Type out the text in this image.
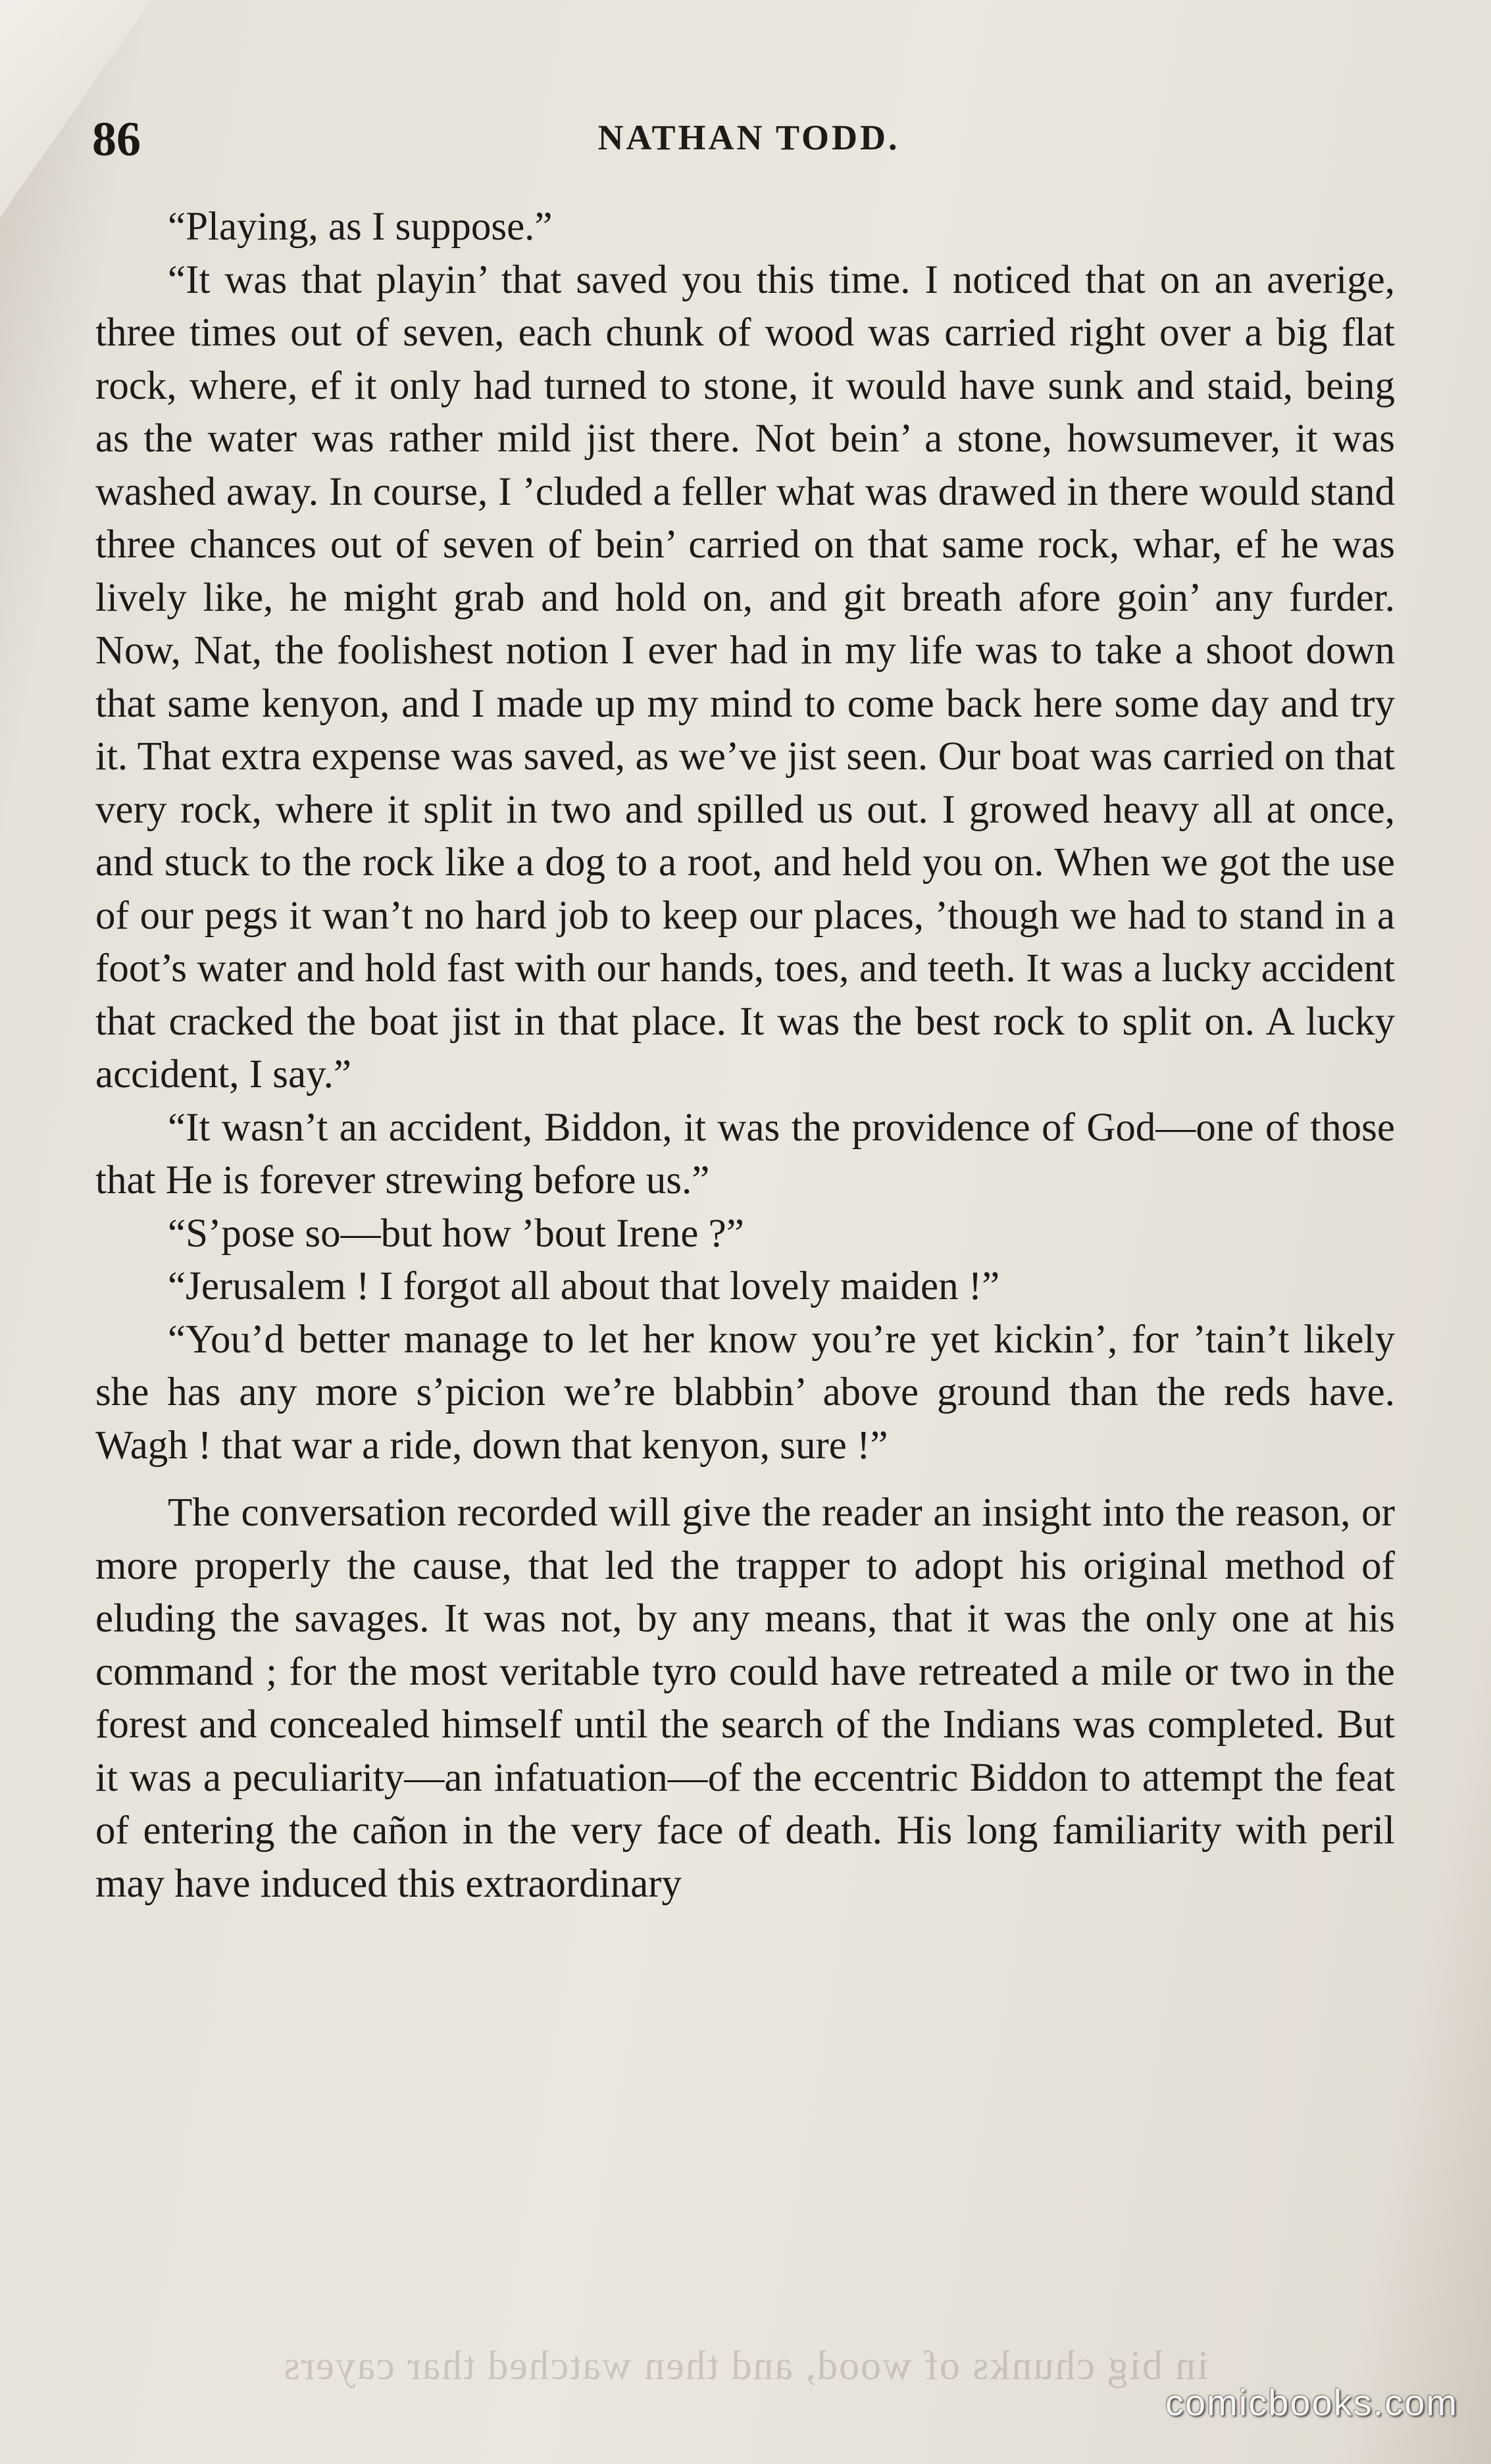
86	NATHAN TODD.

“Playing, as I suppose.”

“It was that playin’ that saved you this time. I noticed that on an averige, three times out of seven, each chunk of wood was carried right over a big flat rock, where, ef it only had turned to stone, it would have sunk and staid, being as the water was rather mild jist there. Not bein’ a stone, howsumever, it was washed away. In course, I ’cluded a feller what was drawed in there would stand three chances out of seven of bein’ carried on that same rock, whar, ef he was lively like, he might grab and hold on, and git breath afore goin’ any furder. Now, Nat, the foolishest notion I ever had in my life was to take a shoot down that same kenyon, and I made up my mind to come back here some day and try it. That extra expense was saved, as we’ve jist seen. Our boat was carried on that very rock, where it split in two and spilled us out. I growed heavy all at once, and stuck to the rock like a dog to a root, and held you on. When we got the use of our pegs it wan’t no hard job to keep our places, ’though we had to stand in a foot’s water and hold fast with our hands, toes, and teeth. It was a lucky accident that cracked the boat jist in that place. It was the best rock to split on. A lucky accident, I say.”

“It wasn’t an accident, Biddon, it was the providence of God—one of those that He is forever strewing before us.”

“S’pose so—but how ’bout Irene ?”

“Jerusalem ! I forgot all about that lovely maiden !”

“You’d better manage to let her know you’re yet kickin’, for ’tain’t likely she has any more s’picion we’re blabbin’ above ground than the reds have. Wagh ! that war a ride, down that kenyon, sure !”

The conversation recorded will give the reader an insight into the reason, or more properly the cause, that led the trapper to adopt his original method of eluding the savages. It was not, by any means, that it was the only one at his command ; for the most veritable tyro could have retreated a mile or two in the forest and concealed himself until the search of the Indians was completed. But it was a peculiarity—an infatuation—of the eccentric Biddon to attempt the feat of entering the cañon in the very face of death. His long familiarity with peril may have induced this extraordinary

in big chunks of wood, and then watched thar cayers
comicbooks.com
